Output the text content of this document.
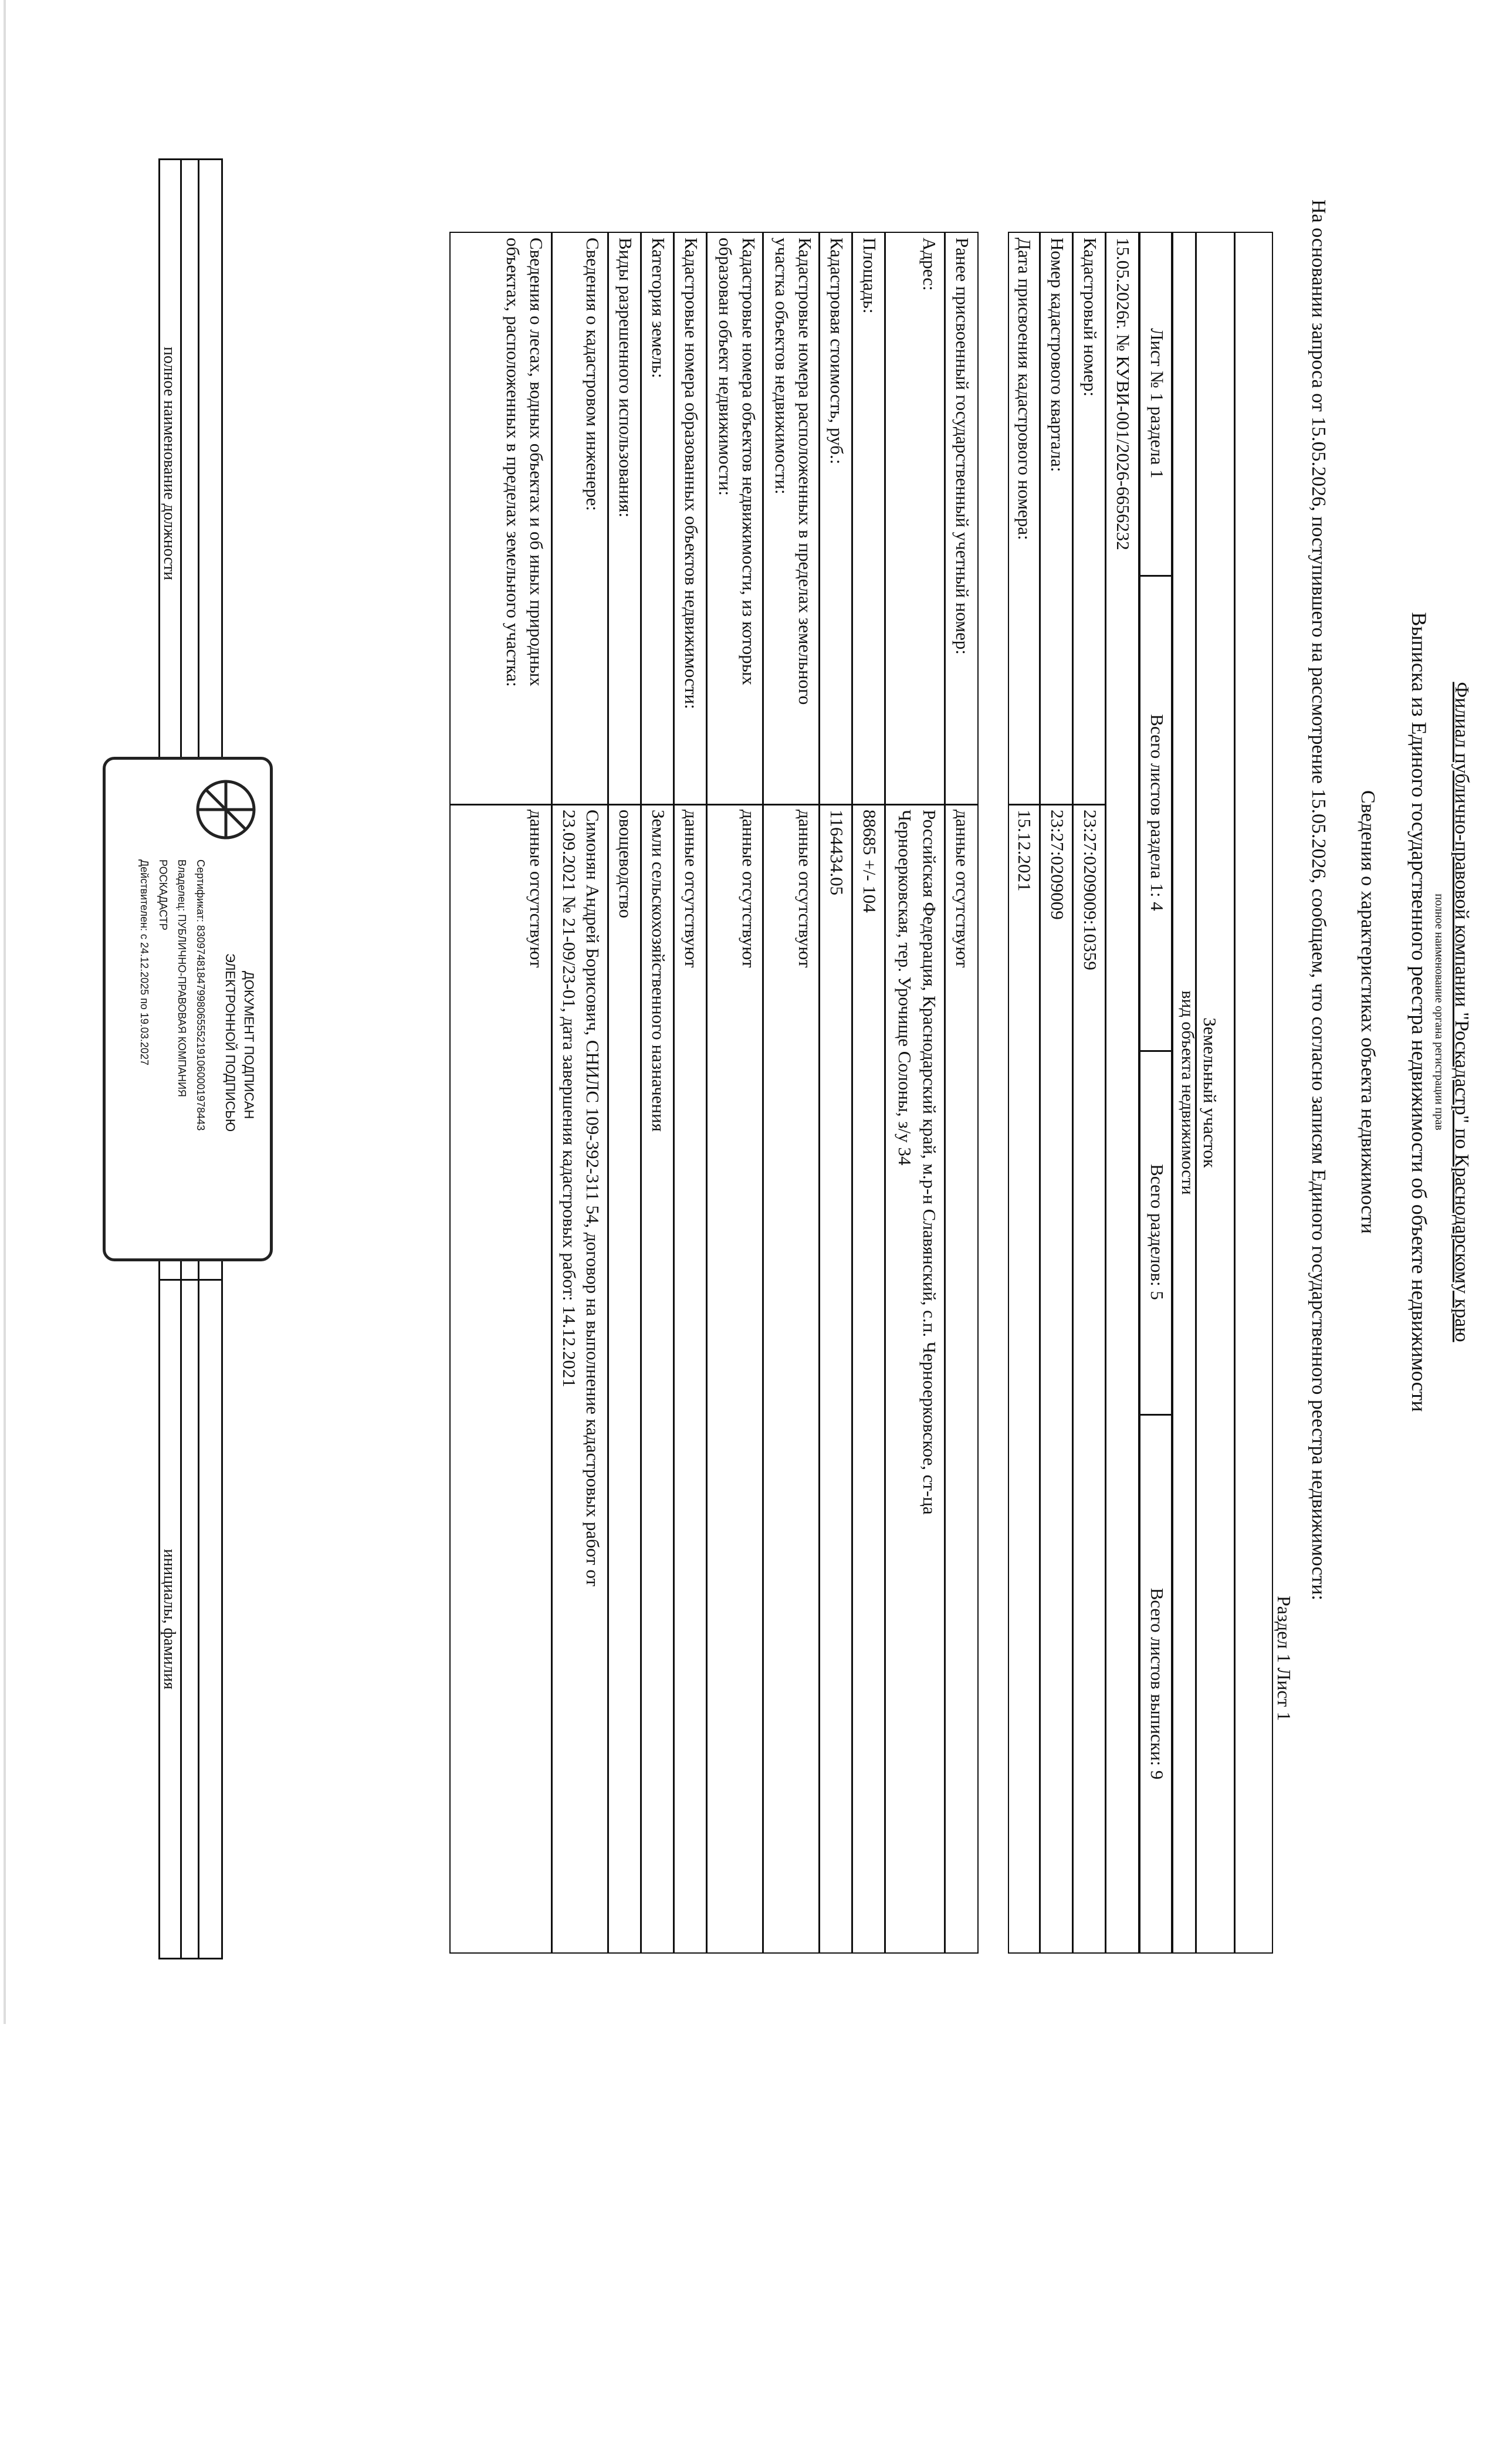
Филиал публично-правовой компании "Роскадастр" по Краснодарскому краю
полное наименование органа регистрации прав
Выписка из Единого государственного реестра недвижимости об объекте недвижимости
Сведения о характеристиках объекта недвижимости
На основании запроса от 15.05.2026, поступившего на рассмотрение 15.05.2026, сообщаем, что согласно записям Единого государственного реестра недвижимости:
Раздел 1 Лист 1
Земельный участок
вид объекта недвижимости
Лист № 1 раздела 1
Всего листов раздела 1: 4
Всего разделов: 5
Всего листов выписки: 9
15.05.2026г. № КУВИ-001/2026-6656232
Кадастровый номер:
23:27:0209009:10359
Номер кадастрового квартала:
23:27:0209009
Дата присвоения кадастрового номера:
15.12.2021
Ранее присвоенный государственный учетный номер:
данные отсутствуют
Адрес:
Российская Федерация, Краснодарский край, м.р-н Славянский, с.п. Черноерковское, ст-ца
Черноерковская, тер. Урочище Солоны, з/у 34
Площадь:
88685 +/- 104
Кадастровая стоимость, руб.:
1164434.05
Кадастровые номера расположенных в пределах земельного
участка объектов недвижимости:
данные отсутствуют
Кадастровые номера объектов недвижимости, из которых
образован объект недвижимости:
данные отсутствуют
Кадастровые номера образованных объектов недвижимости:
данные отсутствуют
Категория земель:
Земли сельскохозяйственного назначения
Виды разрешенного использования:
овощеводство
Сведения о кадастровом инженере:
Симонян Андрей Борисович, СНИЛС 109-392-311 54, договор на выполнение кадастровых работ от
23.09.2021 № 21-09/23-01, дата завершения кадастровых работ: 14.12.2021
Сведения о лесах, водных объектах и об иных природных
объектах, расположенных в пределах земельного участка:
данные отсутствуют
полное наименование должности
инициалы, фамилия
ДОКУМЕНТ ПОДПИСАН
ЭЛЕКТРОННОЙ ПОДПИСЬЮ
Сертификат: 83097481847998065552191060001978443
Владелец: ПУБЛИЧНО-ПРАВОВАЯ КОМПАНИЯ
РОСКАДАСТР
Действителен: с 24.12.2025 по 19.03.2027
